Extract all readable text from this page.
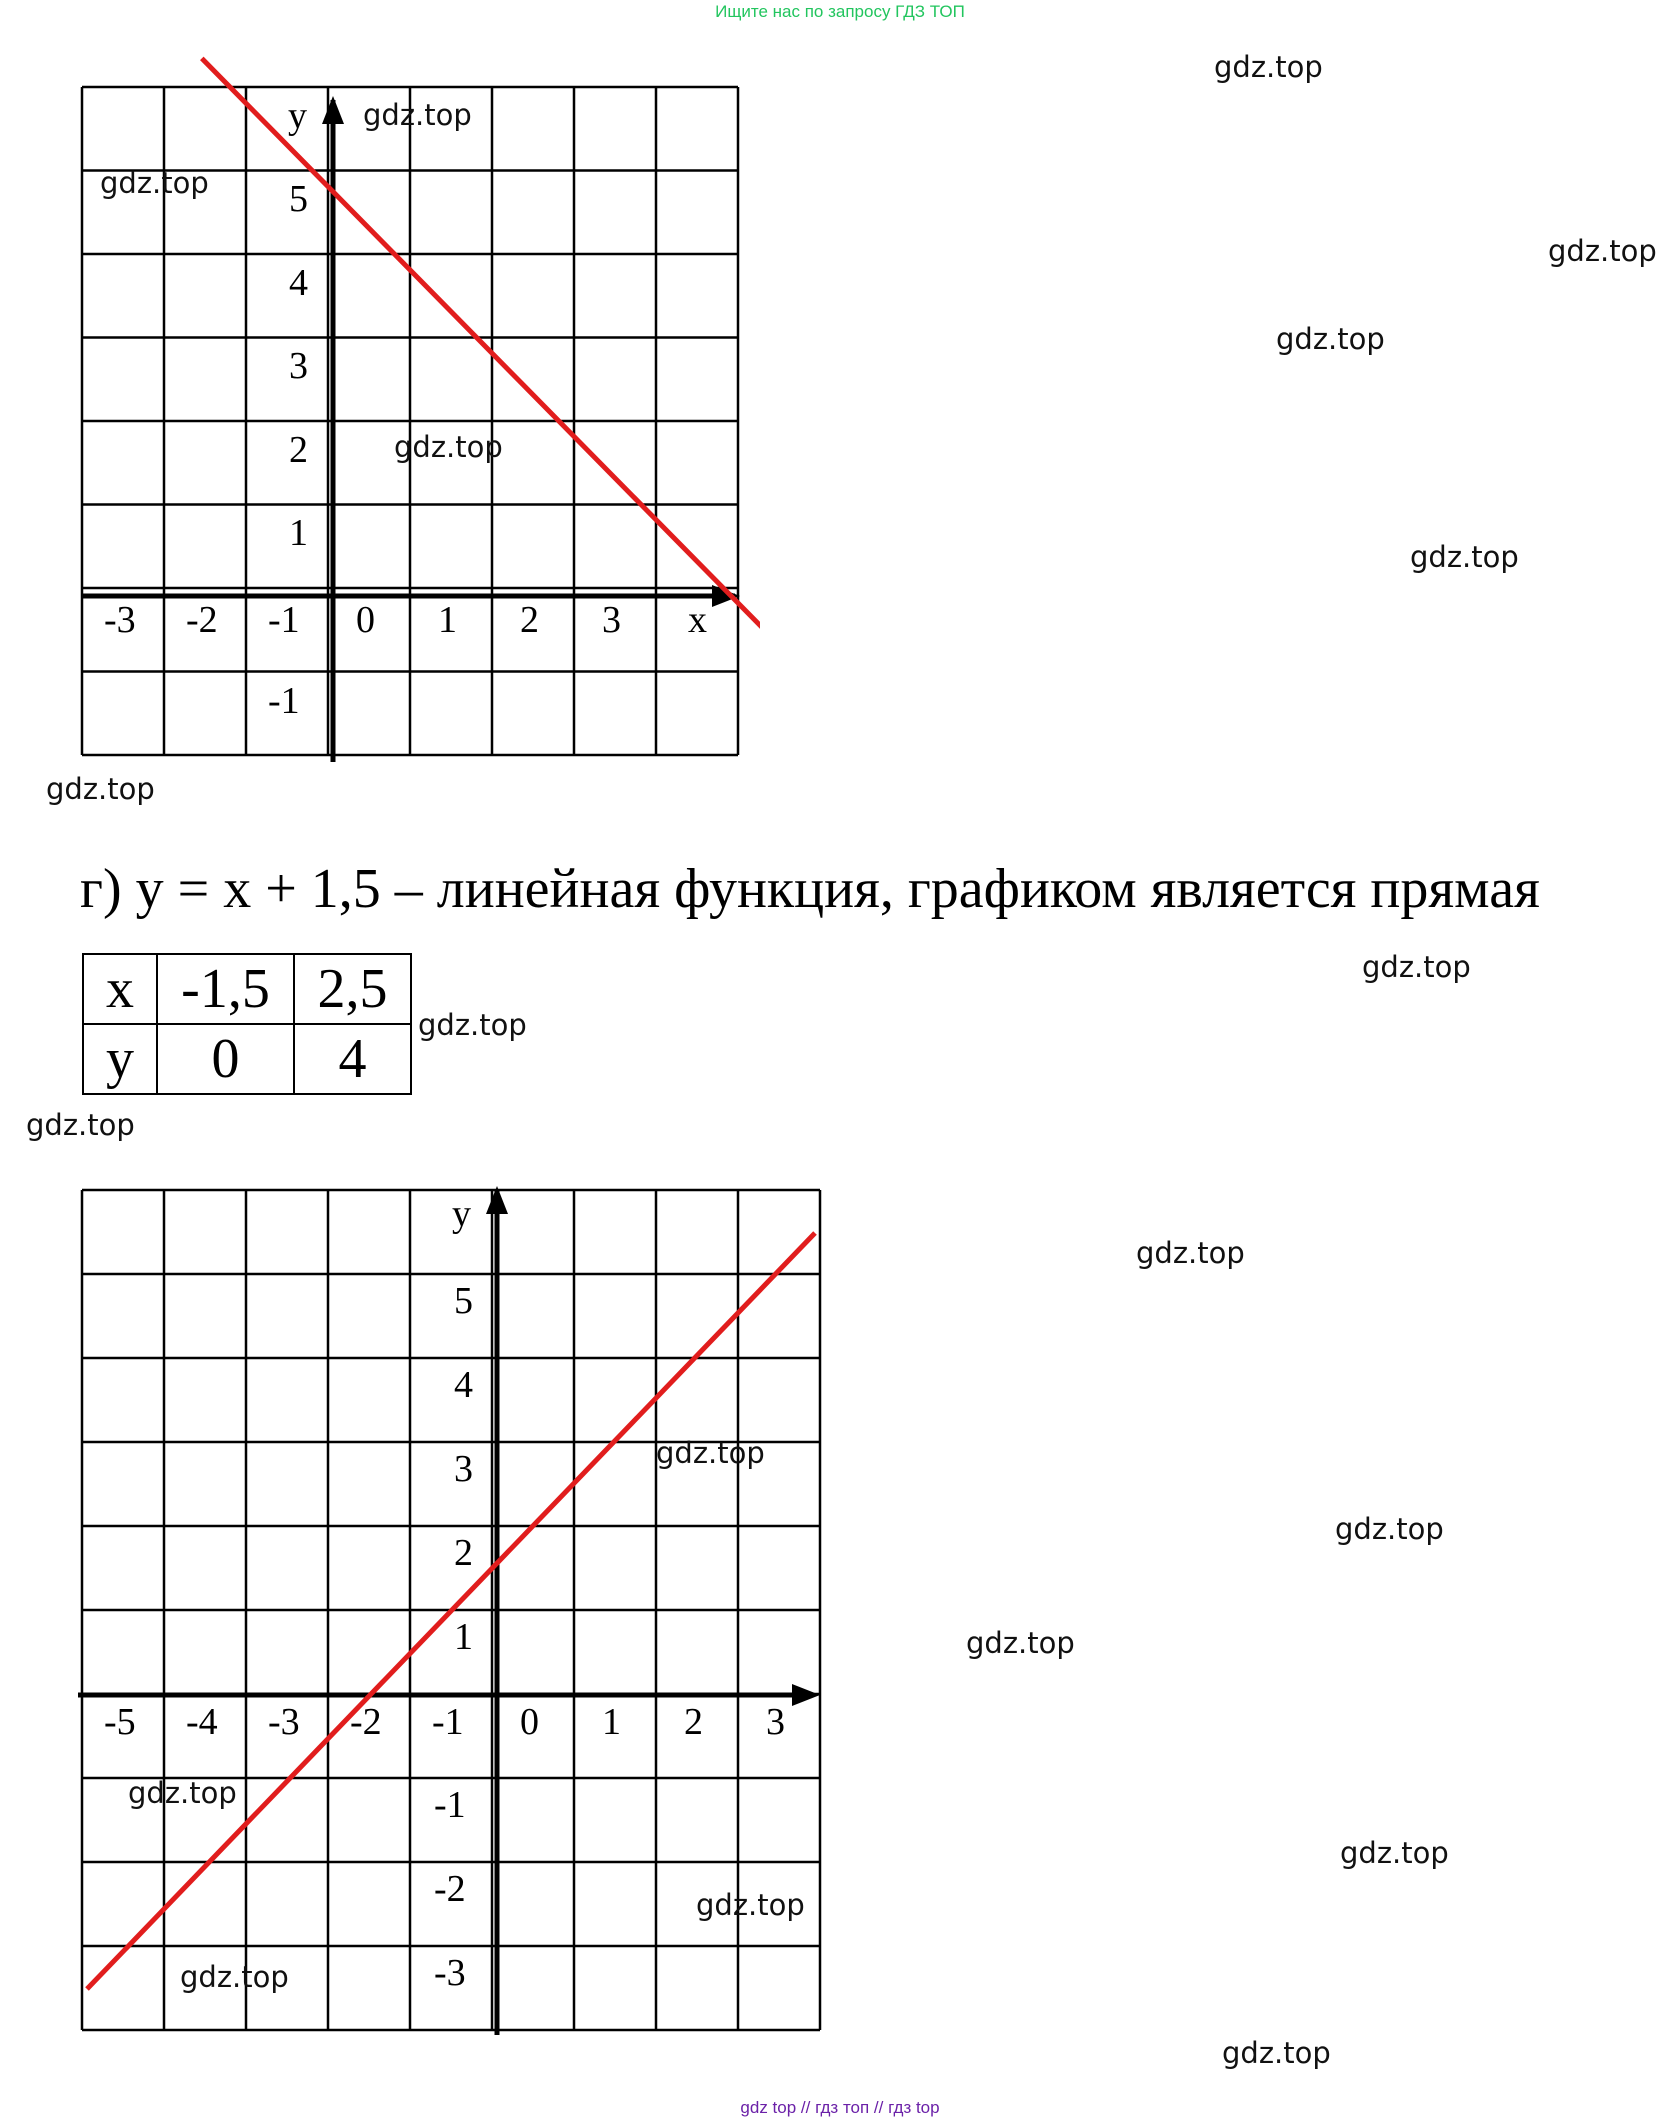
Ищите нас по запросу ГДЗ ТОП
y
x
-3 -2 -1 0 1 2 3
5
4
3
2
1
-1
г) y = x + 1,5 – линейная функция, графиком является прямая
x	-1,5	2,5
y	0	4
y
-5 -4 -3 -2 -1 0 1 2 3
5
4
3
2
1
-1
-2
-3
gdz.top
gdz.top
gdz.top
gdz.top
gdz.top
gdz.top
gdz.top
gdz.top
gdz.top
gdz.top
gdz.top
gdz.top
gdz.top
gdz.top
gdz.top
gdz.top
gdz.top
gdz.top
gdz.top
gdz.top
gdz top // гдз топ // гдз top
